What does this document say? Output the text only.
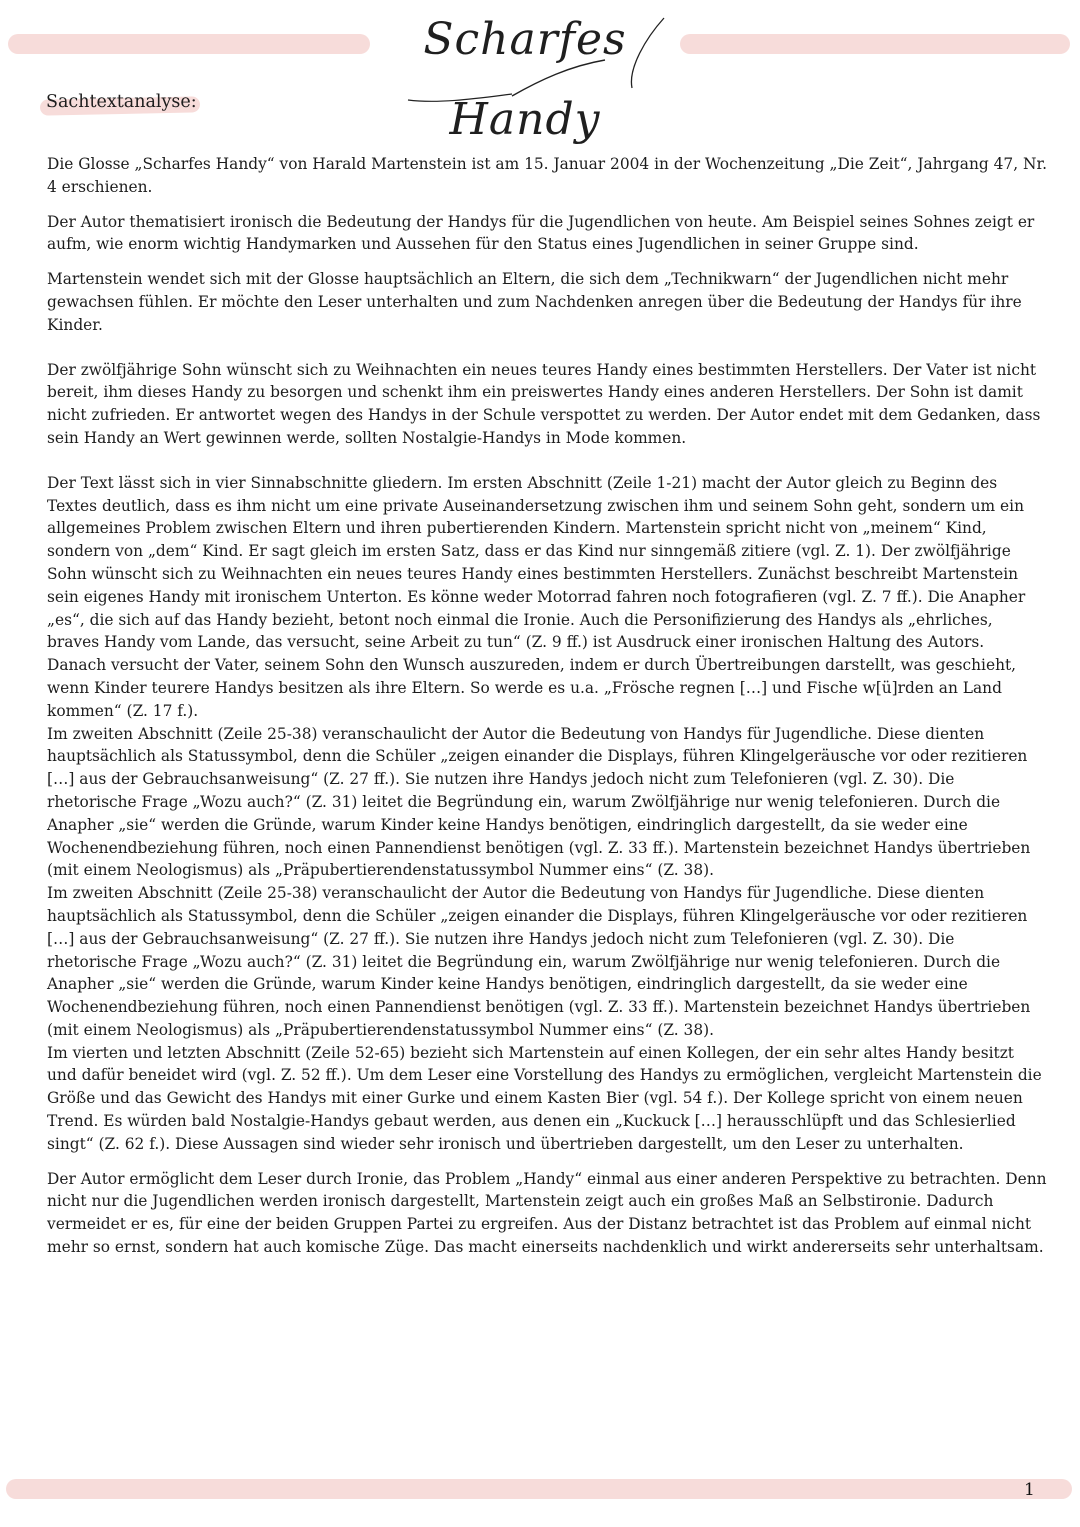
Scharfes Handy
Sachtextanalyse:

Die Glosse „Scharfes Handy“ von Harald Martenstein ist am 15. Januar 2004 in der Wochenzeitung „Die Zeit“, Jahrgang 47, Nr. 4 erschienen.

Der Autor thematisiert ironisch die Bedeutung der Handys für die Jugendlichen von heute. Am Beispiel seines Sohnes zeigt er aufm, wie enorm wichtig Handymarken und Aussehen für den Status eines Jugendlichen in seiner Gruppe sind.

Martenstein wendet sich mit der Glosse hauptsächlich an Eltern, die sich dem „Technikwarn“ der Jugendlichen nicht mehr gewachsen fühlen. Er möchte den Leser unterhalten und zum Nachdenken anregen über die Bedeutung der Handys für ihre Kinder.

Der zwölfjährige Sohn wünscht sich zu Weihnachten ein neues teures Handy eines bestimmten Herstellers. Der Vater ist nicht bereit, ihm dieses Handy zu besorgen und schenkt ihm ein preiswertes Handy eines anderen Herstellers. Der Sohn ist damit nicht zufrieden. Er antwortet wegen des Handys in der Schule verspottet zu werden. Der Autor endet mit dem Gedanken, dass sein Handy an Wert gewinnen werde, sollten Nostalgie-Handys in Mode kommen.

Der Text lässt sich in vier Sinnabschnitte gliedern. Im ersten Abschnitt (Zeile 1-21) macht der Autor gleich zu Beginn des Textes deutlich, dass es ihm nicht um eine private Auseinandersetzung zwischen ihm und seinem Sohn geht, sondern um ein allgemeines Problem zwischen Eltern und ihren pubertierenden Kindern. Martenstein spricht nicht von „meinem“ Kind, sondern von „dem“ Kind. Er sagt gleich im ersten Satz, dass er das Kind nur sinngemäß zitiere (vgl. Z. 1). Der zwölfjährige Sohn wünscht sich zu Weihnachten ein neues teures Handy eines bestimmten Herstellers. Zunächst beschreibt Martenstein sein eigenes Handy mit ironischem Unterton. Es könne weder Motorrad fahren noch fotografieren (vgl. Z. 7 ff.). Die Anapher „es“, die sich auf das Handy bezieht, betont noch einmal die Ironie. Auch die Personifizierung des Handys als „ehrliches, braves Handy vom Lande, das versucht, seine Arbeit zu tun“ (Z. 9 ff.) ist Ausdruck einer ironischen Haltung des Autors. Danach versucht der Vater, seinem Sohn den Wunsch auszureden, indem er durch Übertreibungen darstellt, was geschieht, wenn Kinder teurere Handys besitzen als ihre Eltern. So werde es u.a. „Frösche regnen […] und Fische w[ü]rden an Land kommen“ (Z. 17 f.).

Im zweiten Abschnitt (Zeile 25-38) veranschaulicht der Autor die Bedeutung von Handys für Jugendliche. Diese dienten hauptsächlich als Statussymbol, denn die Schüler „zeigen einander die Displays, führen Klingelgeräusche vor oder rezitieren […] aus der Gebrauchsanweisung“ (Z. 27 ff.). Sie nutzen ihre Handys jedoch nicht zum Telefonieren (vgl. Z. 30). Die rhetorische Frage „Wozu auch?“ (Z. 31) leitet die Begründung ein, warum Zwölfjährige nur wenig telefonieren. Durch die Anapher „sie“ werden die Gründe, warum Kinder keine Handys benötigen, eindringlich dargestellt, da sie weder eine Wochenendbeziehung führen, noch einen Pannendienst benötigen (vgl. Z. 33 ff.). Martenstein bezeichnet Handys übertrieben (mit einem Neologismus) als „Präpubertierendenstatussymbol Nummer eins“ (Z. 38).

Im zweiten Abschnitt (Zeile 25-38) veranschaulicht der Autor die Bedeutung von Handys für Jugendliche. Diese dienten hauptsächlich als Statussymbol, denn die Schüler „zeigen einander die Displays, führen Klingelgeräusche vor oder rezitieren […] aus der Gebrauchsanweisung“ (Z. 27 ff.). Sie nutzen ihre Handys jedoch nicht zum Telefonieren (vgl. Z. 30). Die rhetorische Frage „Wozu auch?“ (Z. 31) leitet die Begründung ein, warum Zwölfjährige nur wenig telefonieren. Durch die Anapher „sie“ werden die Gründe, warum Kinder keine Handys benötigen, eindringlich dargestellt, da sie weder eine Wochenendbeziehung führen, noch einen Pannendienst benötigen (vgl. Z. 33 ff.). Martenstein bezeichnet Handys übertrieben (mit einem Neologismus) als „Präpubertierendenstatussymbol Nummer eins“ (Z. 38).

Im vierten und letzten Abschnitt (Zeile 52-65) bezieht sich Martenstein auf einen Kollegen, der ein sehr altes Handy besitzt und dafür beneidet wird (vgl. Z. 52 ff.). Um dem Leser eine Vorstellung des Handys zu ermöglichen, vergleicht Martenstein die Größe und das Gewicht des Handys mit einer Gurke und einem Kasten Bier (vgl. 54 f.). Der Kollege spricht von einem neuen Trend. Es würden bald Nostalgie-Handys gebaut werden, aus denen ein „Kuckuck […] herausschlüpft und das Schlesierlied singt“ (Z. 62 f.). Diese Aussagen sind wieder sehr ironisch und übertrieben dargestellt, um den Leser zu unterhalten.

Der Autor ermöglicht dem Leser durch Ironie, das Problem „Handy“ einmal aus einer anderen Perspektive zu betrachten. Denn nicht nur die Jugendlichen werden ironisch dargestellt, Martenstein zeigt auch ein großes Maß an Selbstironie. Dadurch vermeidet er es, für eine der beiden Gruppen Partei zu ergreifen. Aus der Distanz betrachtet ist das Problem auf einmal nicht mehr so ernst, sondern hat auch komische Züge. Das macht einerseits nachdenklich und wirkt andererseits sehr unterhaltsam.

1
